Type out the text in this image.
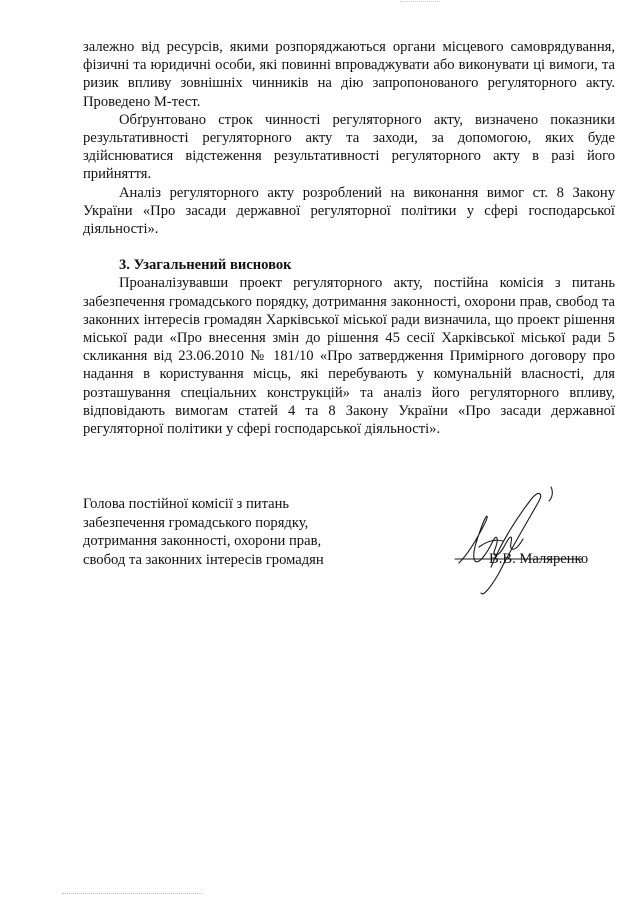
залежно від ресурсів, якими розпоряджаються органи місцевого самоврядування, фізичні та юридичні особи, які повинні впроваджувати або виконувати ці вимоги, та ризик впливу зовнішніх чинників на дію запропонованого регуляторного акту. Проведено М-тест.

Обґрунтовано строк чинності регуляторного акту, визначено показники результативності регуляторного акту та заходи, за допомогою, яких буде здійснюватися відстеження результативності регуляторного акту в разі його прийняття.

Аналіз регуляторного акту розроблений на виконання вимог ст. 8 Закону України «Про засади державної регуляторної політики у сфері господарської діяльності».

3. Узагальнений висновок

Проаналізувавши проект регуляторного акту, постійна комісія з питань забезпечення громадського порядку, дотримання законності, охорони прав, свобод та законних інтересів громадян Харківської міської ради визначила, що проект рішення міської ради «Про внесення змін до рішення 45 сесії Харківської міської ради 5 скликання від 23.06.2010 № 181/10 «Про затвердження Примірного договору про надання в користування місць, які перебувають у комунальній власності, для розташування спеціальних конструкцій» та аналіз його регуляторного впливу, відповідають вимогам статей 4 та 8 Закону України «Про засади державної регуляторної політики у сфері господарської діяльності».

Голова постійної комісії з питань

забезпечення громадського порядку,

дотримання законності, охорони прав,

свобод та законних інтересів громадян	В.В. Маляренко
